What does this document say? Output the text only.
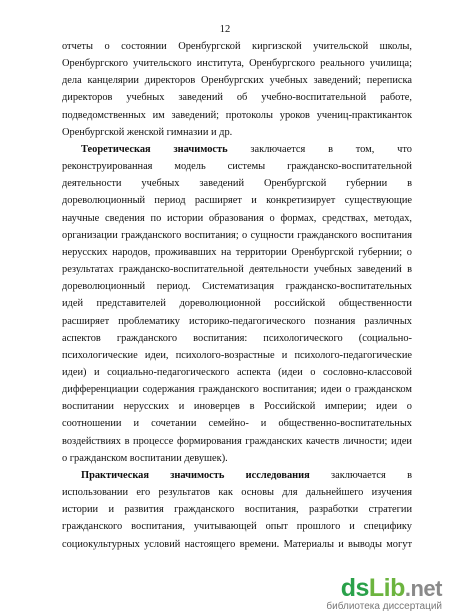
12
отчеты о состоянии Оренбургской киргизской учительской школы,
Оренбургского учительского института, Оренбургского реального училища;
дела канцелярии директоров Оренбургских учебных заведений; переписка
директоров учебных заведений об учебно-воспитательной работе,
подведомственных им заведений; протоколы уроков учениц-практиканток
Оренбургской женской гимназии и др.
Теоретическая значимость заключается в том, что
реконструированная модель системы гражданско-воспитательной
деятельности учебных заведений Оренбургской губернии в
дореволюционный период расширяет и конкретизирует существующие
научные сведения по истории образования о формах, средствах, методах,
организации гражданского воспитания; о сущности гражданского воспитания
нерусских народов, проживавших на территории Оренбургской губернии; о
результатах гражданско-воспитательной деятельности учебных заведений в
дореволюционный период. Систематизация гражданско-воспитательных
идей представителей дореволюционной российской общественности
расширяет проблематику историко-педагогического познания различных
аспектов гражданского воспитания: психологического (социально-
психологические идеи, психолого-возрастные и психолого-педагогические
идеи) и социально-педагогического аспекта (идеи о сословно-классовой
дифференциации содержания гражданского воспитания; идеи о гражданском
воспитании нерусских и иноверцев в Российской империи; идеи о
соотношении и сочетании семейно- и общественно-воспитательных
воздействиях в процессе формирования гражданских качеств личности; идеи
о гражданском воспитании девушек).
Практическая значимость исследования заключается в
использовании его результатов как основы для дальнейшего изучения
истории и развития гражданского воспитания, разработки стратегии
гражданского воспитания, учитывающей опыт прошлого и специфику
социокультурных условий настоящего времени. Материалы и выводы могут
dsLib.net
библиотека диссертаций
